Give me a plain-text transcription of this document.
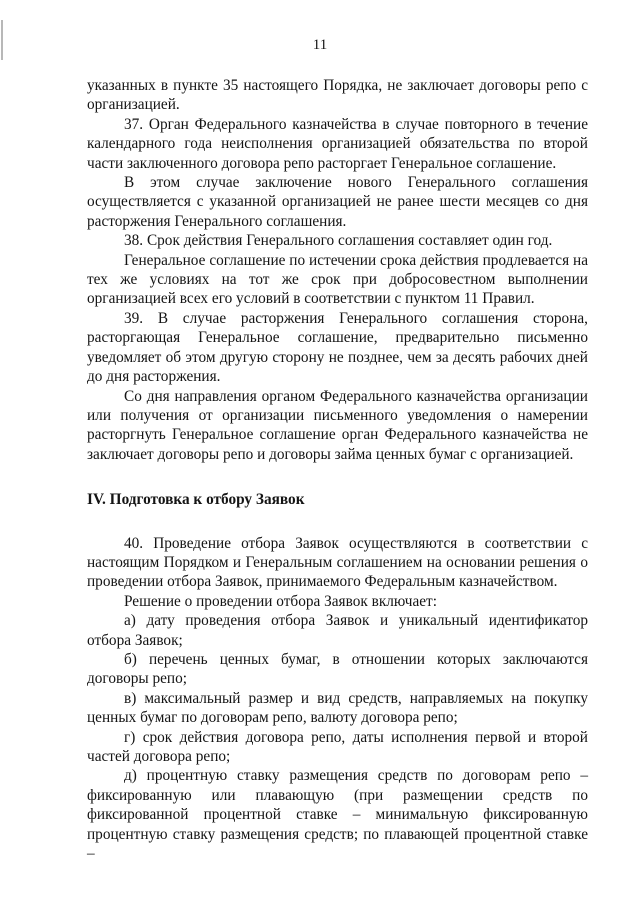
11

указанных в пункте 35 настоящего Порядка, не заключает договоры репо с организацией.

37. Орган Федерального казначейства в случае повторного в течение календарного года неисполнения организацией обязательства по второй части заключенного договора репо расторгает Генеральное соглашение.

В этом случае заключение нового Генерального соглашения осуществляется с указанной организацией не ранее шести месяцев со дня расторжения Генерального соглашения.

38. Срок действия Генерального соглашения составляет один год.

Генеральное соглашение по истечении срока действия продлевается на тех же условиях на тот же срок при добросовестном выполнении организацией всех его условий в соответствии с пунктом 11 Правил.

39. В случае расторжения Генерального соглашения сторона, расторгающая Генеральное соглашение, предварительно письменно уведомляет об этом другую сторону не позднее, чем за десять рабочих дней до дня расторжения.

Со дня направления органом Федерального казначейства организации или получения от организации письменного уведомления о намерении расторгнуть Генеральное соглашение орган Федерального казначейства не заключает договоры репо и договоры займа ценных бумаг с организацией.

IV. Подготовка к отбору Заявок

40. Проведение отбора Заявок осуществляются в соответствии с настоящим Порядком и Генеральным соглашением на основании решения о проведении отбора Заявок, принимаемого Федеральным казначейством.

Решение о проведении отбора Заявок включает:

а) дату проведения отбора Заявок и уникальный идентификатор отбора Заявок;

б) перечень ценных бумаг, в отношении которых заключаются договоры репо;

в) максимальный размер и вид средств, направляемых на покупку ценных бумаг по договорам репо, валюту договора репо;

г) срок действия договора репо, даты исполнения первой и второй частей договора репо;

д) процентную ставку размещения средств по договорам репо – фиксированную или плавающую (при размещении средств по фиксированной процентной ставке – минимальную фиксированную процентную ставку размещения средств; по плавающей процентной ставке –
